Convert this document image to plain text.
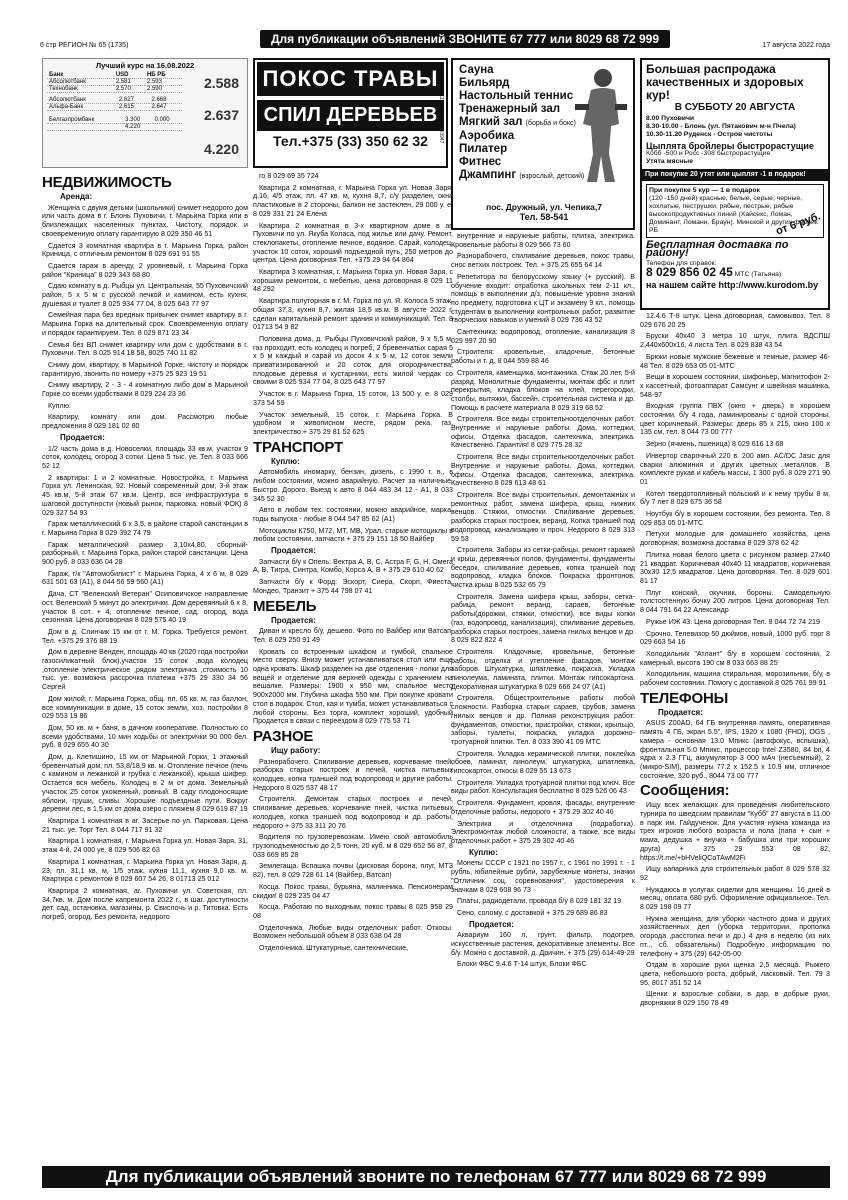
6 стр РЕГИОН № 65 (1735)	Для публикации объявлений ЗВОНИТЕ 67 777 или 8029 68 72 999	17 августа 2022 года
Лучший курс на 16.08.2022
Банк	USD	НБ РБ
Абсолютбанк	2.581	2.593
Технобанк	2.570	2.590	2.588
Абсолютбанк	2.627	2.668
Альфа-Банк	2.615	2.647	2.637
Белгазпромбанк	3.300	0.000
	4.220	
4.220
ПОКОС ТРАВЫ
СПИЛ ДЕРЕВЬЕВ
Тел.+375 (33) 350 62 32	Сп.ЦВТСЛ 0115-0008 № 0103947 Сауна
Бильярд
Настольный теннис
Тренажерный зал
Мягкий зал (борьба и бокс)
Аэробика
Пилатер
Фитнес
Джампинг (взрослый, детский)
пос. Дружный, ул. Чепика,7
Тел. 58-541
Большая распродажа качественных и здоровых кур!
В СУББОТУ 20 АВГУСТА
8.00 Пуховичи
8.30-10.00 - Блонь (ул. Пятакович м-н Пчела)
10.30-11.20 Руденск - Остров чистоты
Цыплята бройлеры быстрорастущие
Кобб -500 и Росс -308 быстрорастущие
Утята мясные
При покупке 20 утят или цыплят -1 в подарок!
При покупке 5 кур — 1 в подарок
(120 -150 дней) красные, белые, серые, черные, хохлатые, пеструшки, рябые, пестрые, рябые высокопродуктивных линий (Хайсекс, Ломан, Доминант, Ломанн, Браун). Минской и других фабрик РБ
Бесплатная доставка по району!
Телефон для справок:
8 029 856 02 45 МТС (Татьяна)
на нашем сайте http://www.kurodom.by
от 6 руб.
НЕДВИЖИМОСТЬ
Аренда:

Женщина с двумя детьми (школьники) снимет недорого дом или часть дома в г. Блонь Пуховичи, г. Марьина Горка или в близлежащих населенных пунктах. Чистоту, порядок и своевременную оплату гарантирую 8 029 350 46 51

Сдается 3 комнатная квартира в г. Марьина Горка, район Криница, с отличным ремонтом 8 029 691 91 55

Сдается гараж в аренду, 2 уровневый, г. Марьина Горка район "Криница" 8 029 343 68 80

Сдаю комнату в д. Рыбцы ул. Центральная, 55 Пуховичский район, 5 х 5 м с русской печкой и камином, есть кухня, душевая и туалет 8 025 934 77 04, 8 025 643 77 97

Семейная пара без вредных привычек снимет квартиру в г. Марьина Горка на длительный срок. Своевременную оплату и порядок гарантируем. Тел. 8 029 871 23 34

Семья без ВП снимет квартиру или дом с удобствами в г. Пуховичи. Тел. 8 025 914 18 58, 8025 740 11 82

Сниму дом, квартиру, в Марьиной Горке, чистоту и порядок гарантирую, звонить по номеру +375 25 923 19 51

Сниму квартиру, 2 - 3 - 4 комнатную либо дом в Марьиной Горке со всеми удобствами 8 029 224 23 36

Куплю:

Квартиру, комнату или дом. Рассмотрю любые предложения 8 029 181 02 80

Продается:

1/2 часть дома в д. Новоселки, площадь 33 кв.м, участок 9 соток, колодец, огород 3 сотки. Цена 5 тыс. уе. Тел. 8 033 666 52 12

2 квартиры: 1 и 2 комнатные. Новостройка, г. Марьина Горка ул. Ленинская, 92. Новый современный дом, 3-й этаж 45 кв.м, 5-й этаж 67 кв.м. Центр, вся инфраструктура в шаговой доступности (новый рынок, парковка, новый ФОК) 8 029 327 54 93

Гараж металлический 6 х 3,5, в районе старой санстанции в г. Марьина Горка 8 029 392 74 79

Гараж металлический размер 3,10х4,80, сборный-разборный, г. Марьина Горка, район старой санстанции. Цена 900 руб. 8 033 636 04 28

Гараж, г/к "Автомобилист" г. Марьина Горка, 4 х 6 м, 8 029 631 501 63 (А1), 8 044 56 59 560 (А1)

Дача, СТ "Веленский Ветеран" Осиповичское направление ост. Веленский 5 минут до электрички. Дом деревянный 6 х 8, участок 8 сот. + 4, отопление печное, сад, огород, вода сезонная. Цена договорная 8 029 575 40 19

Дом в д. Слинчик 15 км от г. М. Горка. Требуется ремонт. Тел. +375 29 376 88 19

Дом в деревне Венден, площадь 40 кв (2020 года постройки газосиликатный блок),участок 15 соток ,вода колодец ,отопление электрическое ,рядом электричка ,стоимость 10 тыс. уе. возможна рассрочка платежа +375 29 330 34 56 Сергей

Дом жилой, г. Марьина Горка, общ. пл. 65 кв. м, газ баллон, все коммуникации в доме, 15 соток земли, хоз. постройки 8 029 553 19 86

Дом, 50 кв. м + баня, в дачном кооперативе. Полностью со всеми удобствами, 10 мин ходьбы от электрички 90 000 бел. руб. 8 029 655 40 30

Дом, д. Клетишино, 15 км от Марьиной Горки, 1 этажный бревенчатый дом, пл. 53,8/18,9 кв. м. Отопление печное (печь с камином и лежанкой и грубка с лежанкой), крыша шифер. Остается вся мебель. Колодец в 2 м от дома. Земельный участок 25 соток ухоженный, ровный. В саду плодоносящие яблони, груши, сливы. Хорошие подъездные пути. Вокруг деревни лес, в 1,5 км от дома озеро с пляжем 8 029 619 87 19

Квартира 1 комнатная в аг. Засерье по ул. Парковая. Цена 21 тыс. уе. Торг Тел. 8 044 717 91 32

Квартира 1 комнатная, г. Марьина Горка ул. Новая Заря, 31, этаж 4-й, 24 000 уе. 8 029 506 82 63

Квартира 1 комнатная, г. Марьина Горка ул. Новая Заря, д. 23, пл. 31,1 кв. м, 1/5 этаж, кухня 11,1, кухня 9,0 кв. м. Квартира с ремонтом 8 029 607 54 26, 8 01713 25 012

Квартира 2 комнатная, аг. Пуховичи ул. Советская, пл. 34,7кв. м. Дом после капремонта 2022 г., в шаг. доступности дет. сад, остановка, магазины, р. Свислочь и р. Титовка. Есть погреб, огород. Без ремонта, недорого

го 8 029 69 35 724

Квартира 2 комнатная, г. Марьина Горка ул. Новая Заря, д.16, 4/5 этаж, пл. 47 кв. м, кухня 8,7, с/у разделен, окна пластиковые в 2 стороны, балкон не застеклен, 29 000 у. е. 8 029 331 21 24 Елена

Квартира 2 комнатная в 3-х квартирном доме в аг. Пуховичи по ул. Якуба Коласа, под жилье или дачу. Ремонт, стеклопакеты, отопление печное, водяное. Сарай, колодец, участок 10 соток, хороший подъездной путь, 250 метров до центра. Цена договорная Тел. +375 29 94 64 864

Квартира 3 комнатная, г. Марьина Горка ул. Новая Заря, с хорошим ремонтом, с мебелью, цена договорная 8 029 11 48 292

Квартира полуторная в г. М. Горка по ул. Я. Колоса 5 этаж, общая 37,3, кухня 8,7, жилая 18,5 кв.м. В августе 2022 г. сделан капитальный ремонт здания и коммуникаций. Тел. 8 01713 54 9 82

Половина дома, д. Рыбцы Пуховичский район, 9 х 5,5 м, газ проходит, есть колодец и погреб, 2 бревенчатых сарая 5 х 5 м каждый и сарай из досок 4 х 5 м, 12 соток земли приватизированной и 20 соток для огородничества, плодовые деревья и кустарники, есть жилой чердак со своими 8 025 934 77 04, 8 025 643 77 97

Участок в г. Марьина Горка, 15 соток, 13 500 у. е. 8 029 373 54 59

Участок земельный, 15 соток, г. Марьина Горка. В удобном и живописном месте, рядом река, газ, электричество + 375 29 81 52 625

ТРАНСПОРТ
Куплю:

Автомобиль иномарку, бензин, дизель, с 1990 г. в., в любом состоянии, можно аварийную. Расчет за наличные. Быстро. Дорого. Выезд к авто 8 044 483 34 12 - А1, 8 033 345 52 30

Авто в любом тех. состоянии, можно аварийное, марка, годы выпуска - любые 8 044 547 85 62 (А1)

Мотоциклы К750, М72, МТ, МВ, Урал, старые мотоциклы в любом состоянии, запчасти + 375 29 151 18 50 Вайбер

Продается:

Запчасти б/у к Опель: Вектра А, В, С, Астра F, G, H, Омега А, В, Тигра, Синтра, Комбо, Корса А, В + 375 29 610 40 62

Запчасти б/у к Форд: Эскорт, Сиера, Скорп, Фиеста, Мондео, Транзит + 375 44 798 07 41

МЕБЕЛЬ
Продается:

Диван и кресло б/у, дешево. Фото по Вайбер или Ватсап. Тел. 8 029 250 91 49

Кровать со встроенным шкафом и тумбой, спальное место сверху. Внизу может устанавливаться стол или еще одна кровать. Шкаф разделен на две отделения - полки для вещей и отделение для верхней одежды с хранением на вешалке. Размеры: 1900 х 950 мм, спальное место 900х2000 мм. Глубина шкафа 550 мм. При покупке кровати стол в подарок. Стол, кая и тумба, может устанавливаться с любой стороны. Без торга, комплект хороший, удобный Продается в связи с переездом 8 029 775 53 71

РАЗНОЕ
Ищу работу:

Разнорабочего. Спиливание деревьев, корчевание пней, разборка старых построек и печей, чистка питьевых колодцев, копка траншей под водопровод и другие работы. Недорого 8 025 537 48 17

Строителя. Демонтаж старых построек и печей, спиливание деревьев, корчевание пней, чистка питьевых колодцев, копка траншей под водопровод и др. работы, недорого + 375 33 311 20 76

Водителя по грузоперевозкам. Имею свой автомобиль грузоподъемностью до 2,5 тонн, 20 куб. м 8 029 652 56 87, 8 033 669 85 28

Землегаща. Вспашка почвы (дисковая борона, плуг, МТЗ 82), тел. 8 029 728 61 14 (Вайбер, Ватсап)

Косца. Покос травы, бурьяна, малинника. Пенсионерам скидки! 8 029 235 04 47

Косца. Работаю по выходным, покос травы 8 025 958 29 08

Отделочника. Любые виды отделочных работ. Откосы. Возможен небольшой объем 8 033 638 04 28

Отделочника. Штукатурные, сантехнические,

внутренние и наружные работы, плитка, электрика. Кровельные работы 8 029 566 73 60

Разнорабочего, спиливание деревьев, покос травы, снос ветхих построек. Тел. + 375 25 655 64 14

Репетитора по белорусскому языку (+ русский). В обучение входит: отработка школьных тем 2-11 кл., помощь в выполнении д/з, повышение уровня знаний по предмету, подготовка к ЦТ и экзамену 9 кл., помощь студентам в выполнении контрольных работ, развитие творческих навыков и умений 8 029 736 43 52

Сантехника: водопровод, отопление, канализация 8 029 997 20 90

Строителя: кровельные, кладочные, бетонные работы и т. д. 8 044 559 88 46

Строителя, каменщика, монтажника. Стаж 20 лет, 5-й разряд. Монолитные фундаменты, монтаж фбс и плит перекрытия, кладка блоков на клей, перегородки, столбы, вытяжки, бассейн, строительная система и др. Помощь в расчете материала 8 029 319 68 52

Строителя. Все виды строительноотделочных работ. Внутренние и наружные работы. Дома, коттеджи, офисы. Отделка фасадов, сантехника, электрика. Качественно. Гарантия! 8 029 775 28 32

Строителя. Все виды строительноотделочных работ. Внутренние и наружные работы. Дома, коттеджи, офисы. Отделка фасадов, сантехника, электрика. Качественно 8 029 613 48 61

Строителя. Все виды строительных, демонтажных и ремонтных работ, замена шифера, крыш, нижних венцов. Стяжки, отмостки. Спиливание деревьев, разборка старых построек, веранд. Копка траншей под водопровод, канализацию и проч. Недорого 8 029 313 59 53

Строителя. Заборы из сетки-рабицы, ремонт гаражей и крыш, деревянных полов, фундаменты, фундаменты беседок, спиливание деревьев, копка траншей под водопровод, кладка блоков. Покраска фронтонов, чистка крыш 8 025 532 65 79

Строителя. Замена шифера крыш, заборы, сетка-рабица, ремонт веранд, сараев, бетонные работы(дорожки, стяжки, отмостки), все виды копки (газ, водопровод, канализация), спиливание деревьев, разборка старых построек, замена гнилых венцов и др. 8 029 822 822 4

Строителя. Кладочные, кровельные, бетонные работы, отделка и утепление фасадов, монтаж заборов. Штукатурка, шпатлевка, покраска. Укладка линолеума, ламината, плитки. Монтаж гипсокартона. Декоративная штукатурка 8 029 666 24 07 (А1)

Строителя. Общестроительные работы любой сложности. Разборка старых сараев, срубов, замена гнилых венцов и др. Полная реконструкция работ: фундаментов, отмостки, пристройки, стяжки, крыльцо, заборы, туалеты, покраска, укладка дорожно-тротуарной плитки. Тел. 8 033 390 41 09 МТС

Строителя. Укладка керамической плитки, поклейка обоев, ламинат, линолеум, штукатурка, шпатлевка, гипсокартон, откосы 8 029 55 13 673

Строителя. Укладка тротуарной плитки под ключ. Все виды работ. Консультация бесплатно 8 029 526 06 43

Строителя. Фундамент, кровля, фасады, внутренние отделочные работы, недорого + 375 29 302 40 46

Электрика и отделочника (подработка). Электромонтаж любой сложности, а также, все виды отделочных работ + 375 29 302 40 46

Куплю:

Монеты СССР с 1921 по 1957 г., с 1961 по 1991 г. - 1 рубль, юбилейные рубли, зарубежные монеты, значки "Отличник соц. соревнования", удостоверения к значкам 8 029 608 96 73

Платы, радиодетали, провода б/у 8 029 181 32 19

Сено, солому, с доставкой + 375 29 689 86 83

Продается:

Аквариум 160 л, грунт, фильтр, подогрев, искусственные растения, декоративные элементы. Все б/у. Можно с доставкой, д. Дричин. + 375 (29) 614-49-29

Блоки ФБС 9.4.6 Т-14 штук, Блоки ФБС

12.4.6 Т-8 штук. Цена договорная, самовывоз. Тел. 8 029 676 20 25

Бруски 40х40 3 метра 10 штук, плита ВДСПШ 2,440х600х16, 4 листа Тел. 8 029 838 43 54

Брюки новые мужские бежевые и темные, размер 46-48 Тел. 8 029 653 05 01-МТС

Вещи в хорошем состоянии, шифоньер, магнитофон 2-х кассетный, фотоаппарат Самсунг и швейная машинка, 548-97

Входная группа ПВХ (окно + дверь) в хорошем состоянии, б/у 4 года, ламинированы с одной стороны, цвет коричневый. Размеры: дверь 85 х 215, окно 100 х 135 см, тел. 8 044 73 00 777

Зерно (ячмень, пшеница) 8 029 616 13 68

Инвертор сварочный 220 в. 200 амп. AC/DC Jasic для сварки алюминия и других цветных металлов. В комплекте рукав и кабель массы, 1 300 руб. 8 029 271 90 01

Котел твердотопливный польский и к нему трубы 8 м, б/у 7 лет 8 029 675 36 58

Ноутбук б/у в хорошем состоянии, без ремонта. Тел. 8 029 853 05 01-МТС

Петухи молодые для домашнего хозяйства, цена договорная, возможна доставка 8 029 378 62 42

Плитка новая белого цвета с рисунком размер 27х40 21 квадрат. Коричневая 40х40 11 квадратов, коричневая 30х30 12,5 квадратов. Цена договорная. Тел. 8 029 601 81 17

Плуг конский, окучник, бороны. Самодельную толстостенную бочку 200 литров. Цена договорная Тел. 8 044 791 64 22 Александр

Ружье ИЖ 43. Цена договорная Тел. 8 044 72 74 219

Срочно. Телевизор 50 дюймов, новый, 1000 руб. торг 8 029 663 54 16

Холодильник "Атлант" б/у в хорошем состоянии, 2 камерный, высота 190 см 8 033 663 88 25

Холодильник, машина стиральная, морозильник, б/у, в рабочем состоянии. Помогу с доставкой 8 025 761 99 91

ТЕЛЕФОНЫ
Продается:

ASUS Z00AD, 64 ГБ внутренняя память, оперативная память 4 ГБ, экран 5.5", IPS, 1920 х 1080 (FHD), OGS , камера - основная 13.0 Мпикс (автофокус, вспышка), фронтальная 5.0 Мпикс, процессор Intel Z3580, 84 bit, 4 ядра х 2.3 ГГц, аккумулятор 3 000 мАч (несъемный), 2 (микро-SIM), размеры 77.2 х 152.5 х 10.9 мм, отличное состояние, 320 руб., 8044 73 00 777

Сообщения:

Ищу всех желающих для проведения любительского турнира по шведским правилам "Кубб" 27 августа в 11.00 в парк им. Гайдученок. Для участия нужна команда из трех игроков любого возраста и пола (папа + сын + мама, дедушка + внучка + бабушка или три хороших друга) + 375 29 553 08 82, https://t.me/+bHVeliQCoTAwM2Fi

Ищу напарника для строительных работ 8 029 578 32 92

Нуждаюсь в услугах сиделки для женщины. 16 дней в месяц, оплата 680 руб. Оформление официальное. Тел. 8 029 198 09 77

Нужна женщина, для уборки частного дома и других хозяйственных дел (уборка территории, прополка огорода ,расстопка печи и др.) 4 дня в неделю (из них пт.., сб. обязательны) Подробную информацию по телефону + 375 (29) 642-05-00

Отдам в хорошие руки щенка 2,5 месяца. Рыжего цвета, небольшого роста, добрый, ласковый. Тел. 79 3 95, 8017 351 52 14

Щенки и взрослые собаки, в дар, в добрые руки, дворняжки 8 029 150 78 49

Для публикации объявлений звоните по телефонам 67 777 или 8029 68 72 999
